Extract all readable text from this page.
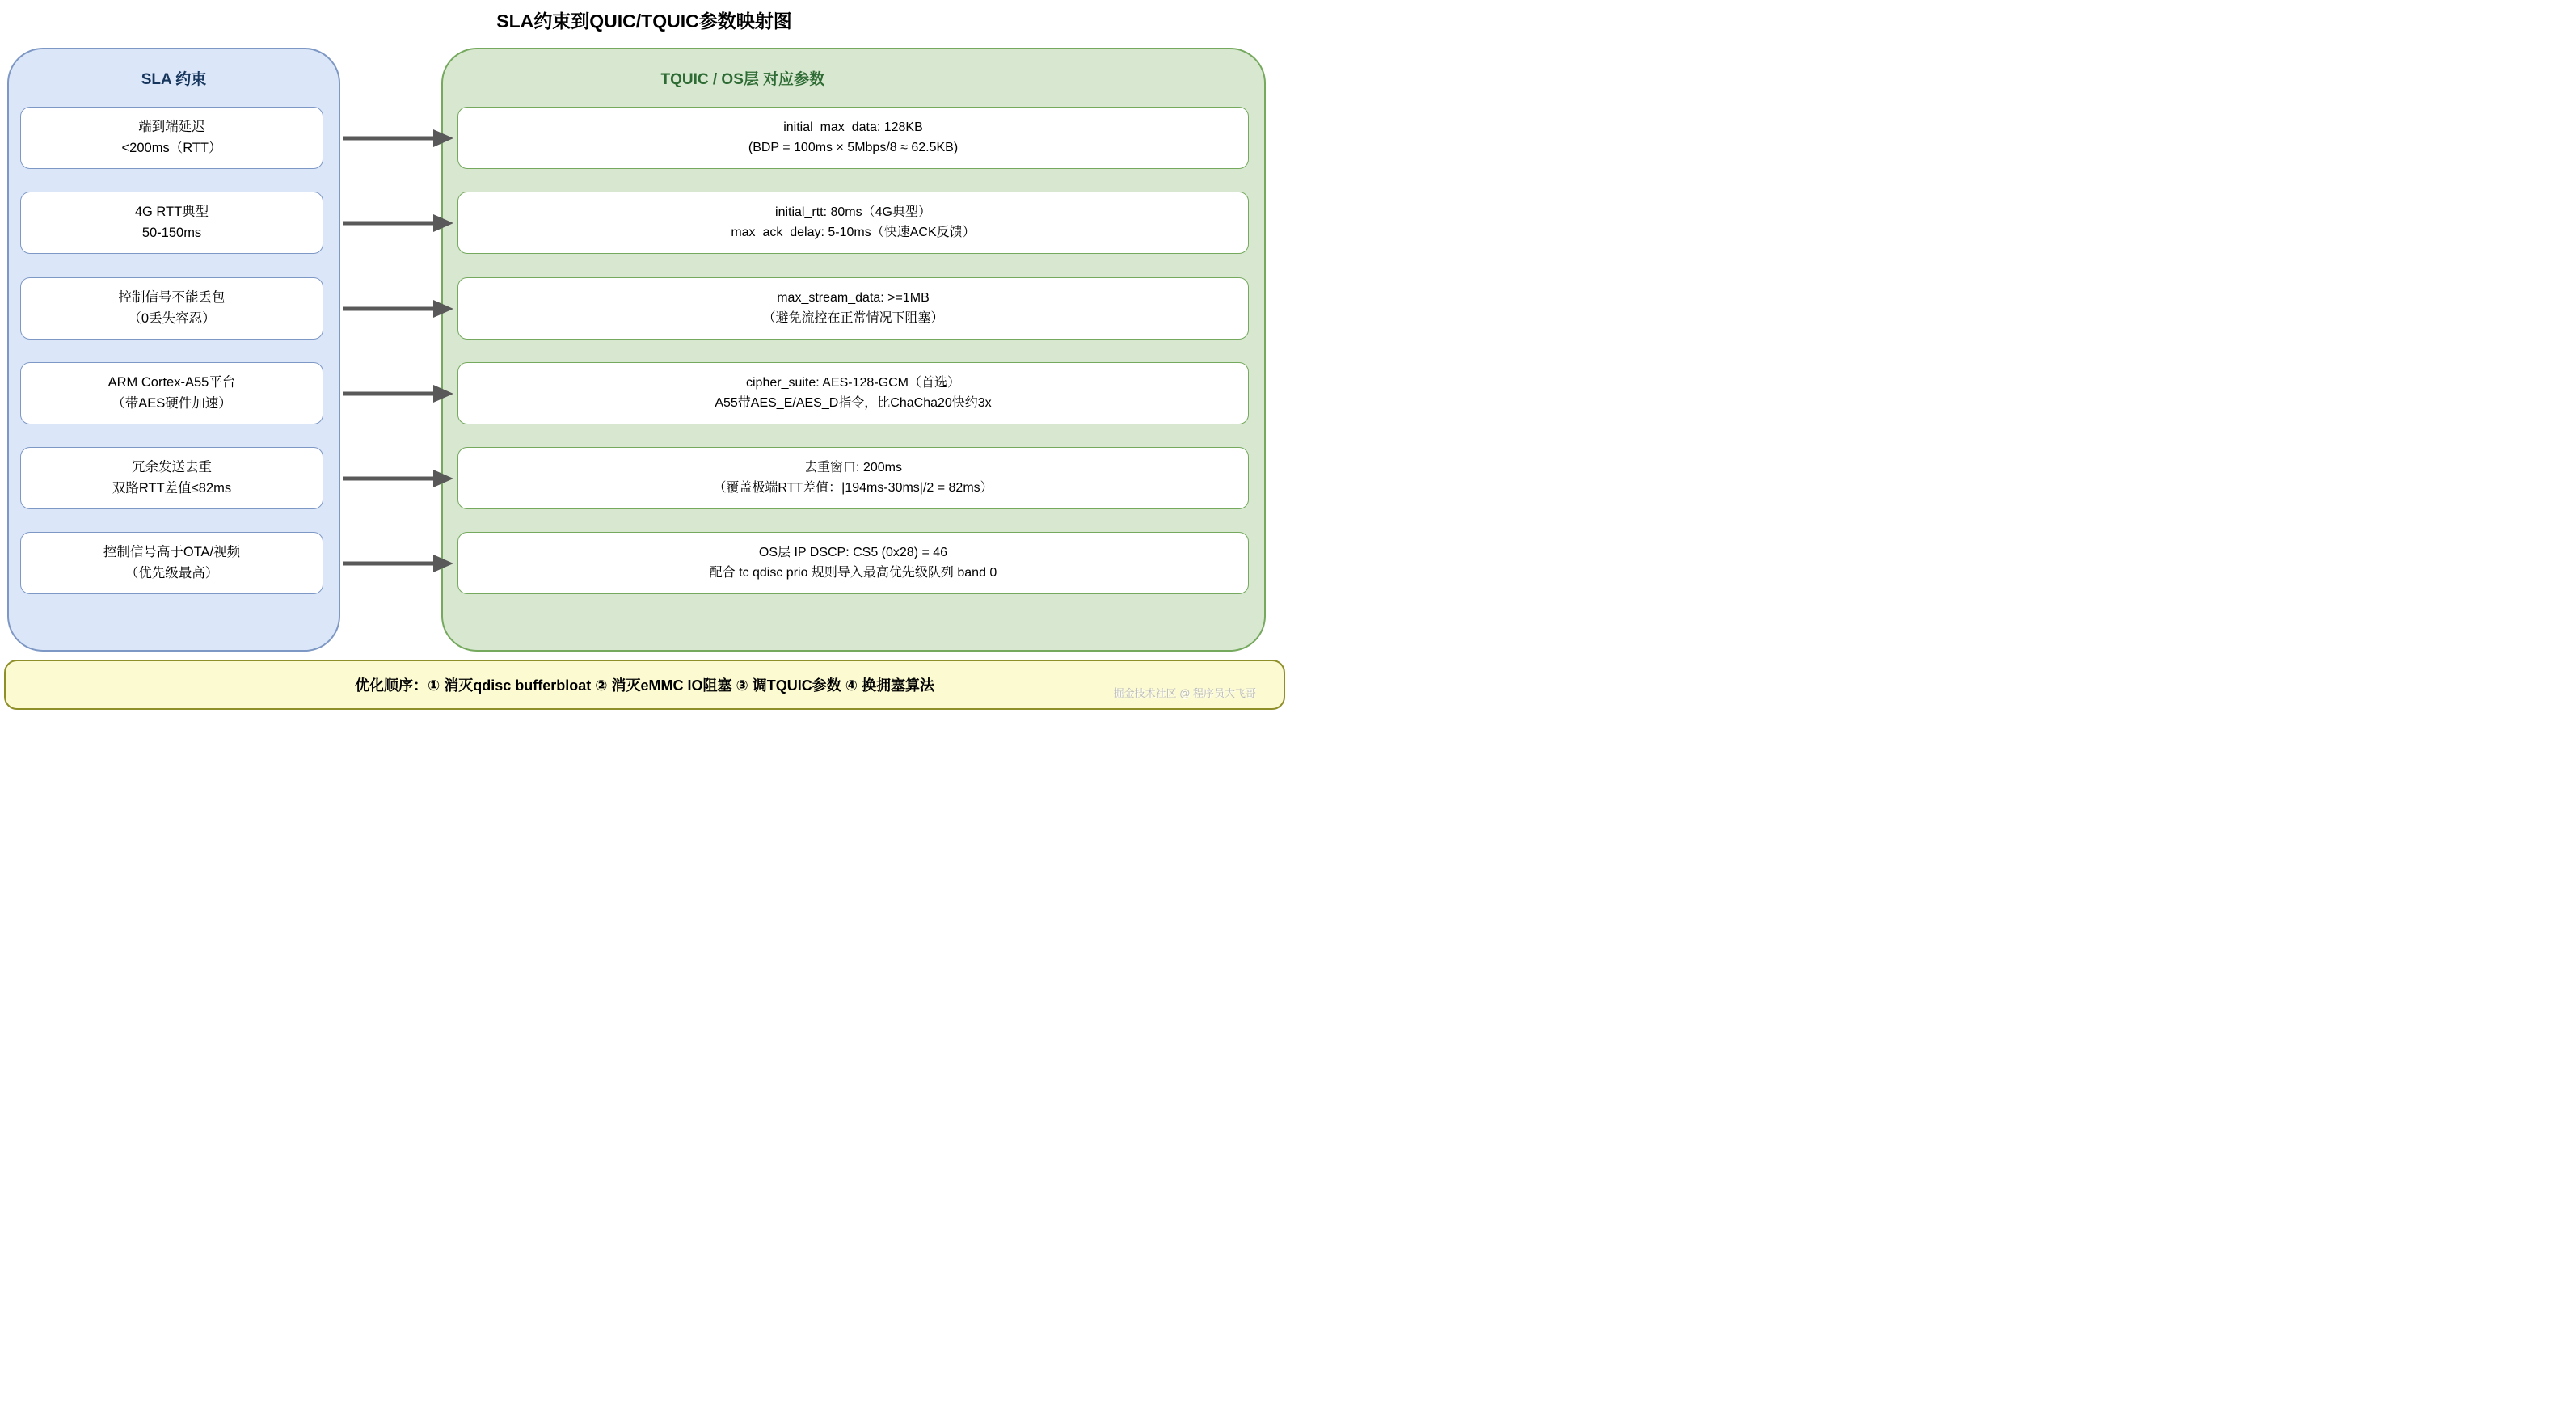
SLA约束到QUIC/TQUIC参数映射图
SLA 约束	TQUIC / OS层 对应参数
端到端延迟
<200ms（RTT）
initial_max_data: 128KB
(BDP = 100ms × 5Mbps/8 ≈ 62.5KB)
4G RTT典型
50-150ms
initial_rtt: 80ms（4G典型）
max_ack_delay: 5-10ms（快速ACK反馈）
控制信号不能丢包
（0丢失容忍）
max_stream_data: >=1MB
（避免流控在正常情况下阻塞）
ARM Cortex-A55平台
（带AES硬件加速）
cipher_suite: AES-128-GCM（首选）
A55带AES_E/AES_D指令，比ChaCha20快约3x
冗余发送去重
双路RTT差值≤82ms
去重窗口: 200ms
（覆盖极端RTT差值：|194ms-30ms|/2 = 82ms）
控制信号高于OTA/视频
（优先级最高）
OS层 IP DSCP: CS5 (0x28) = 46
配合 tc qdisc prio 规则导入最高优先级队列 band 0
优化顺序：① 消灭qdisc bufferbloat ② 消灭eMMC IO阻塞 ③ 调TQUIC参数 ④ 换拥塞算法	掘金技术社区 @ 程序员大飞哥
